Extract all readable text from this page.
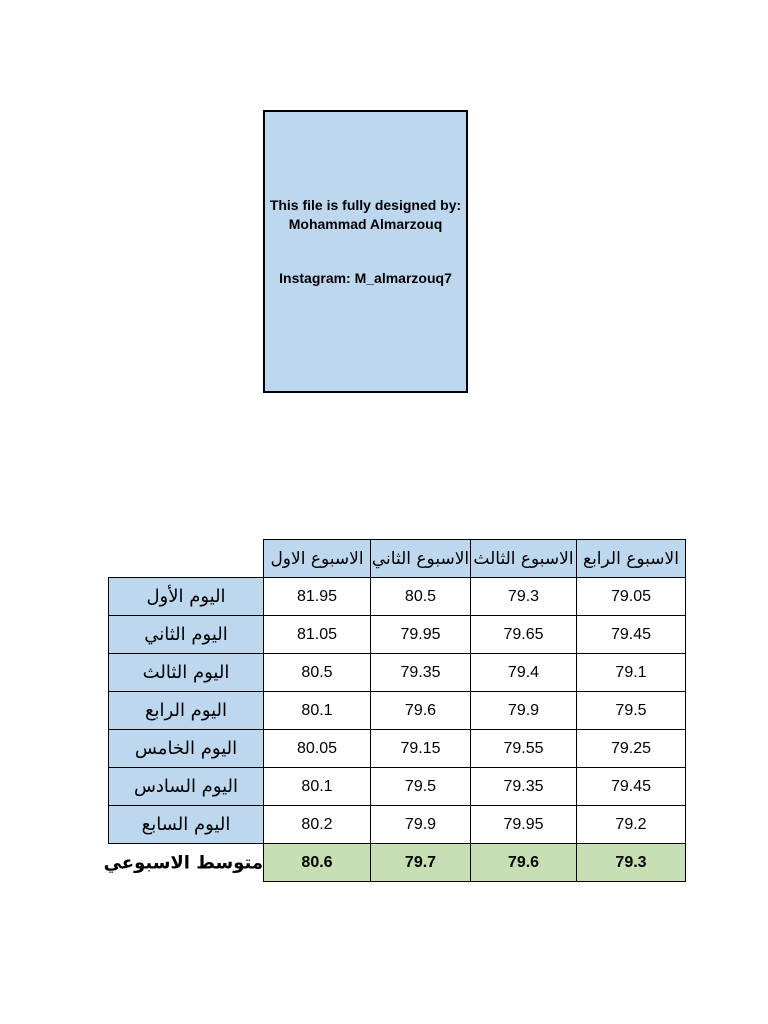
This file is fully designed by:
Mohammad Almarzouq
Instagram: M_almarzouq7
	الاسبوع الاول	الاسبوع الثاني	الاسبوع الثالث	الاسبوع الرابع
اليوم الأول	81.95	80.5	79.3	79.05
اليوم الثاني	81.05	79.95	79.65	79.45
اليوم الثالث	80.5	79.35	79.4	79.1
اليوم الرابع	80.1	79.6	79.9	79.5
اليوم الخامس	80.05	79.15	79.55	79.25
اليوم السادس	80.1	79.5	79.35	79.45
اليوم السابع	80.2	79.9	79.95	79.2

متوسط الاسبوعي	80.6	79.7	79.6	79.3
